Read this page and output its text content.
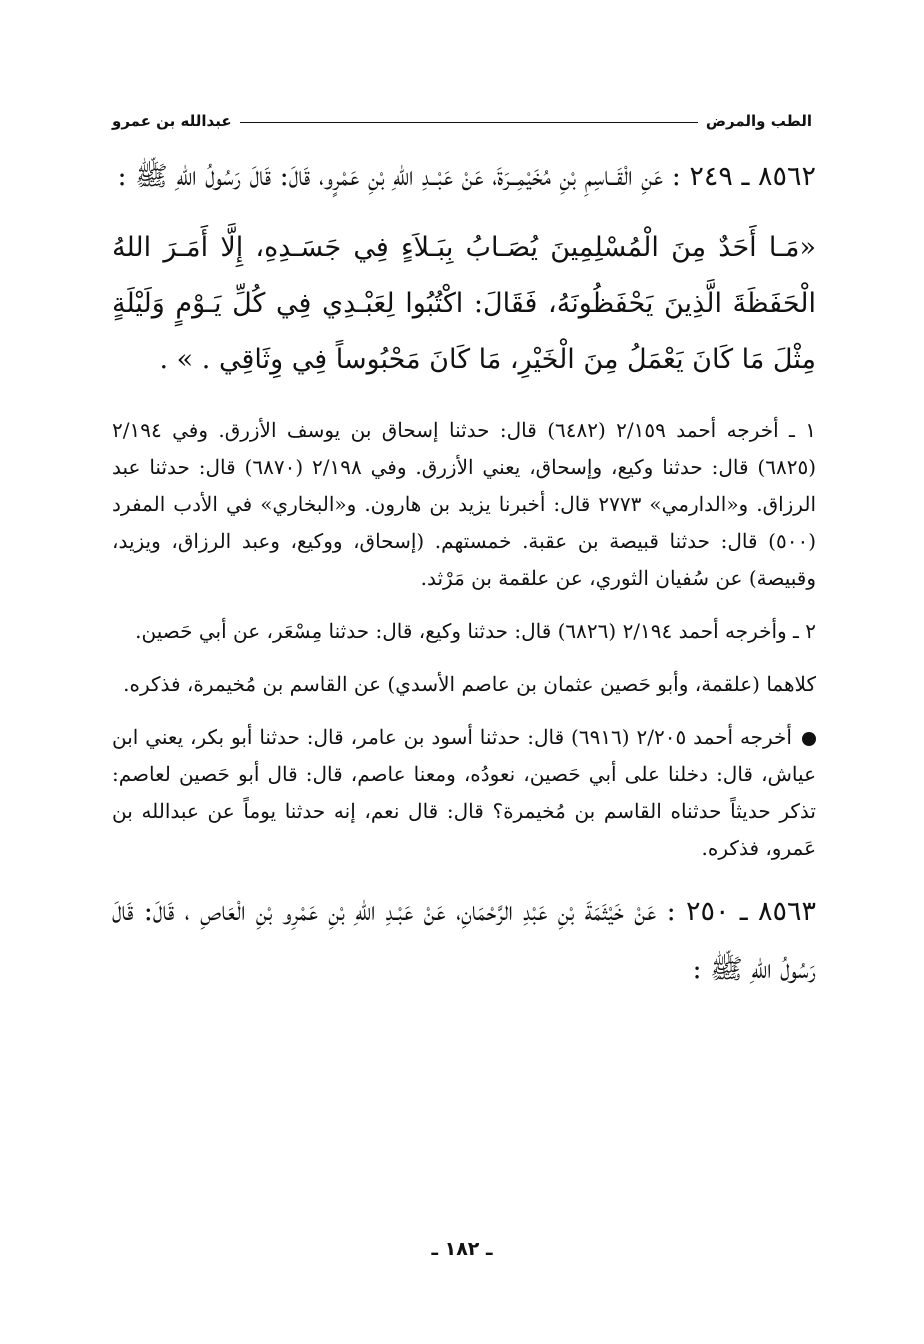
الطب والمرض
عبدالله بن عمرو

٨٥٦٢ ـ ٢٤٩ : عَنِ الْقَــاسِمِ بْنِ مُخَيْمِــرَةَ، عَنْ عَبْــدِ اللهِ بْنِ عَمْرٍو، قَالَ: قَالَ رَسُولُ اللهِ ﷺ :

«مَـا أَحَدٌ مِنَ الْمُسْلِمِينَ يُصَـابُ بِبَـلاَءٍ فِي جَسَـدِهِ، إِلَّا أَمَـرَ اللهُ الْحَفَظَةَ الَّذِينَ يَحْفَظُونَهُ، فَقَالَ: اكْتُبُوا لِعَبْـدِي فِي كُلِّ يَـوْمٍ وَلَيْلَةٍ مِثْلَ مَا كَانَ يَعْمَلُ مِنَ الْخَيْرِ، مَا كَانَ مَحْبُوساً فِي وِثَاقِي . » .

١ ـ أخرجه أحمد ٢/١٥٩ (٦٤٨٢) قال: حدثنا إسحاق بن يوسف الأزرق. وفي ٢/١٩٤ (٦٨٢٥) قال: حدثنا وكيع، وإسحاق، يعني الأزرق. وفي ٢/١٩٨ (٦٨٧٠) قال: حدثنا عبد الرزاق. و«الدارمي» ٢٧٧٣ قال: أخبرنا يزيد بن هارون. و«البخاري» في الأدب المفرد (٥٠٠) قال: حدثنا قبيصة بن عقبة. خمستهم. (إسحاق، ووكيع، وعبد الرزاق، ويزيد، وقبيصة) عن سُفيان الثوري، عن علقمة بن مَرْثد.

٢ ـ وأخرجه أحمد ٢/١٩٤ (٦٨٢٦) قال: حدثنا وكيع، قال: حدثنا مِسْعَر، عن أبي حَصين.

كلاهما (علقمة، وأبو حَصين عثمان بن عاصم الأسدي) عن القاسم بن مُخيمرة، فذكره.

أخرجه أحمد ٢/٢٠٥ (٦٩١٦) قال: حدثنا أسود بن عامر، قال: حدثنا أبو بكر، يعني ابن عياش، قال: دخلنا على أبي حَصين، نعودُه، ومعنا عاصم، قال: قال أبو حَصين لعاصم: تذكر حديثاً حدثناه القاسم بن مُخيمرة؟ قال: قال نعم، إنه حدثنا يوماً عن عبدالله بن عَمرو، فذكره.

٨٥٦٣ ـ ٢٥٠ : عَنْ خَيْثَمَةَ بْنِ عَبْدِ الرَّحْمَانِ، عَنْ عَبْـدِ اللهِ بْنِ عَمْرِو بْنِ الْعَاصِ ، قَالَ: قَالَ رَسُولُ اللهِ ﷺ :

ـ ١٨٢ ـ
